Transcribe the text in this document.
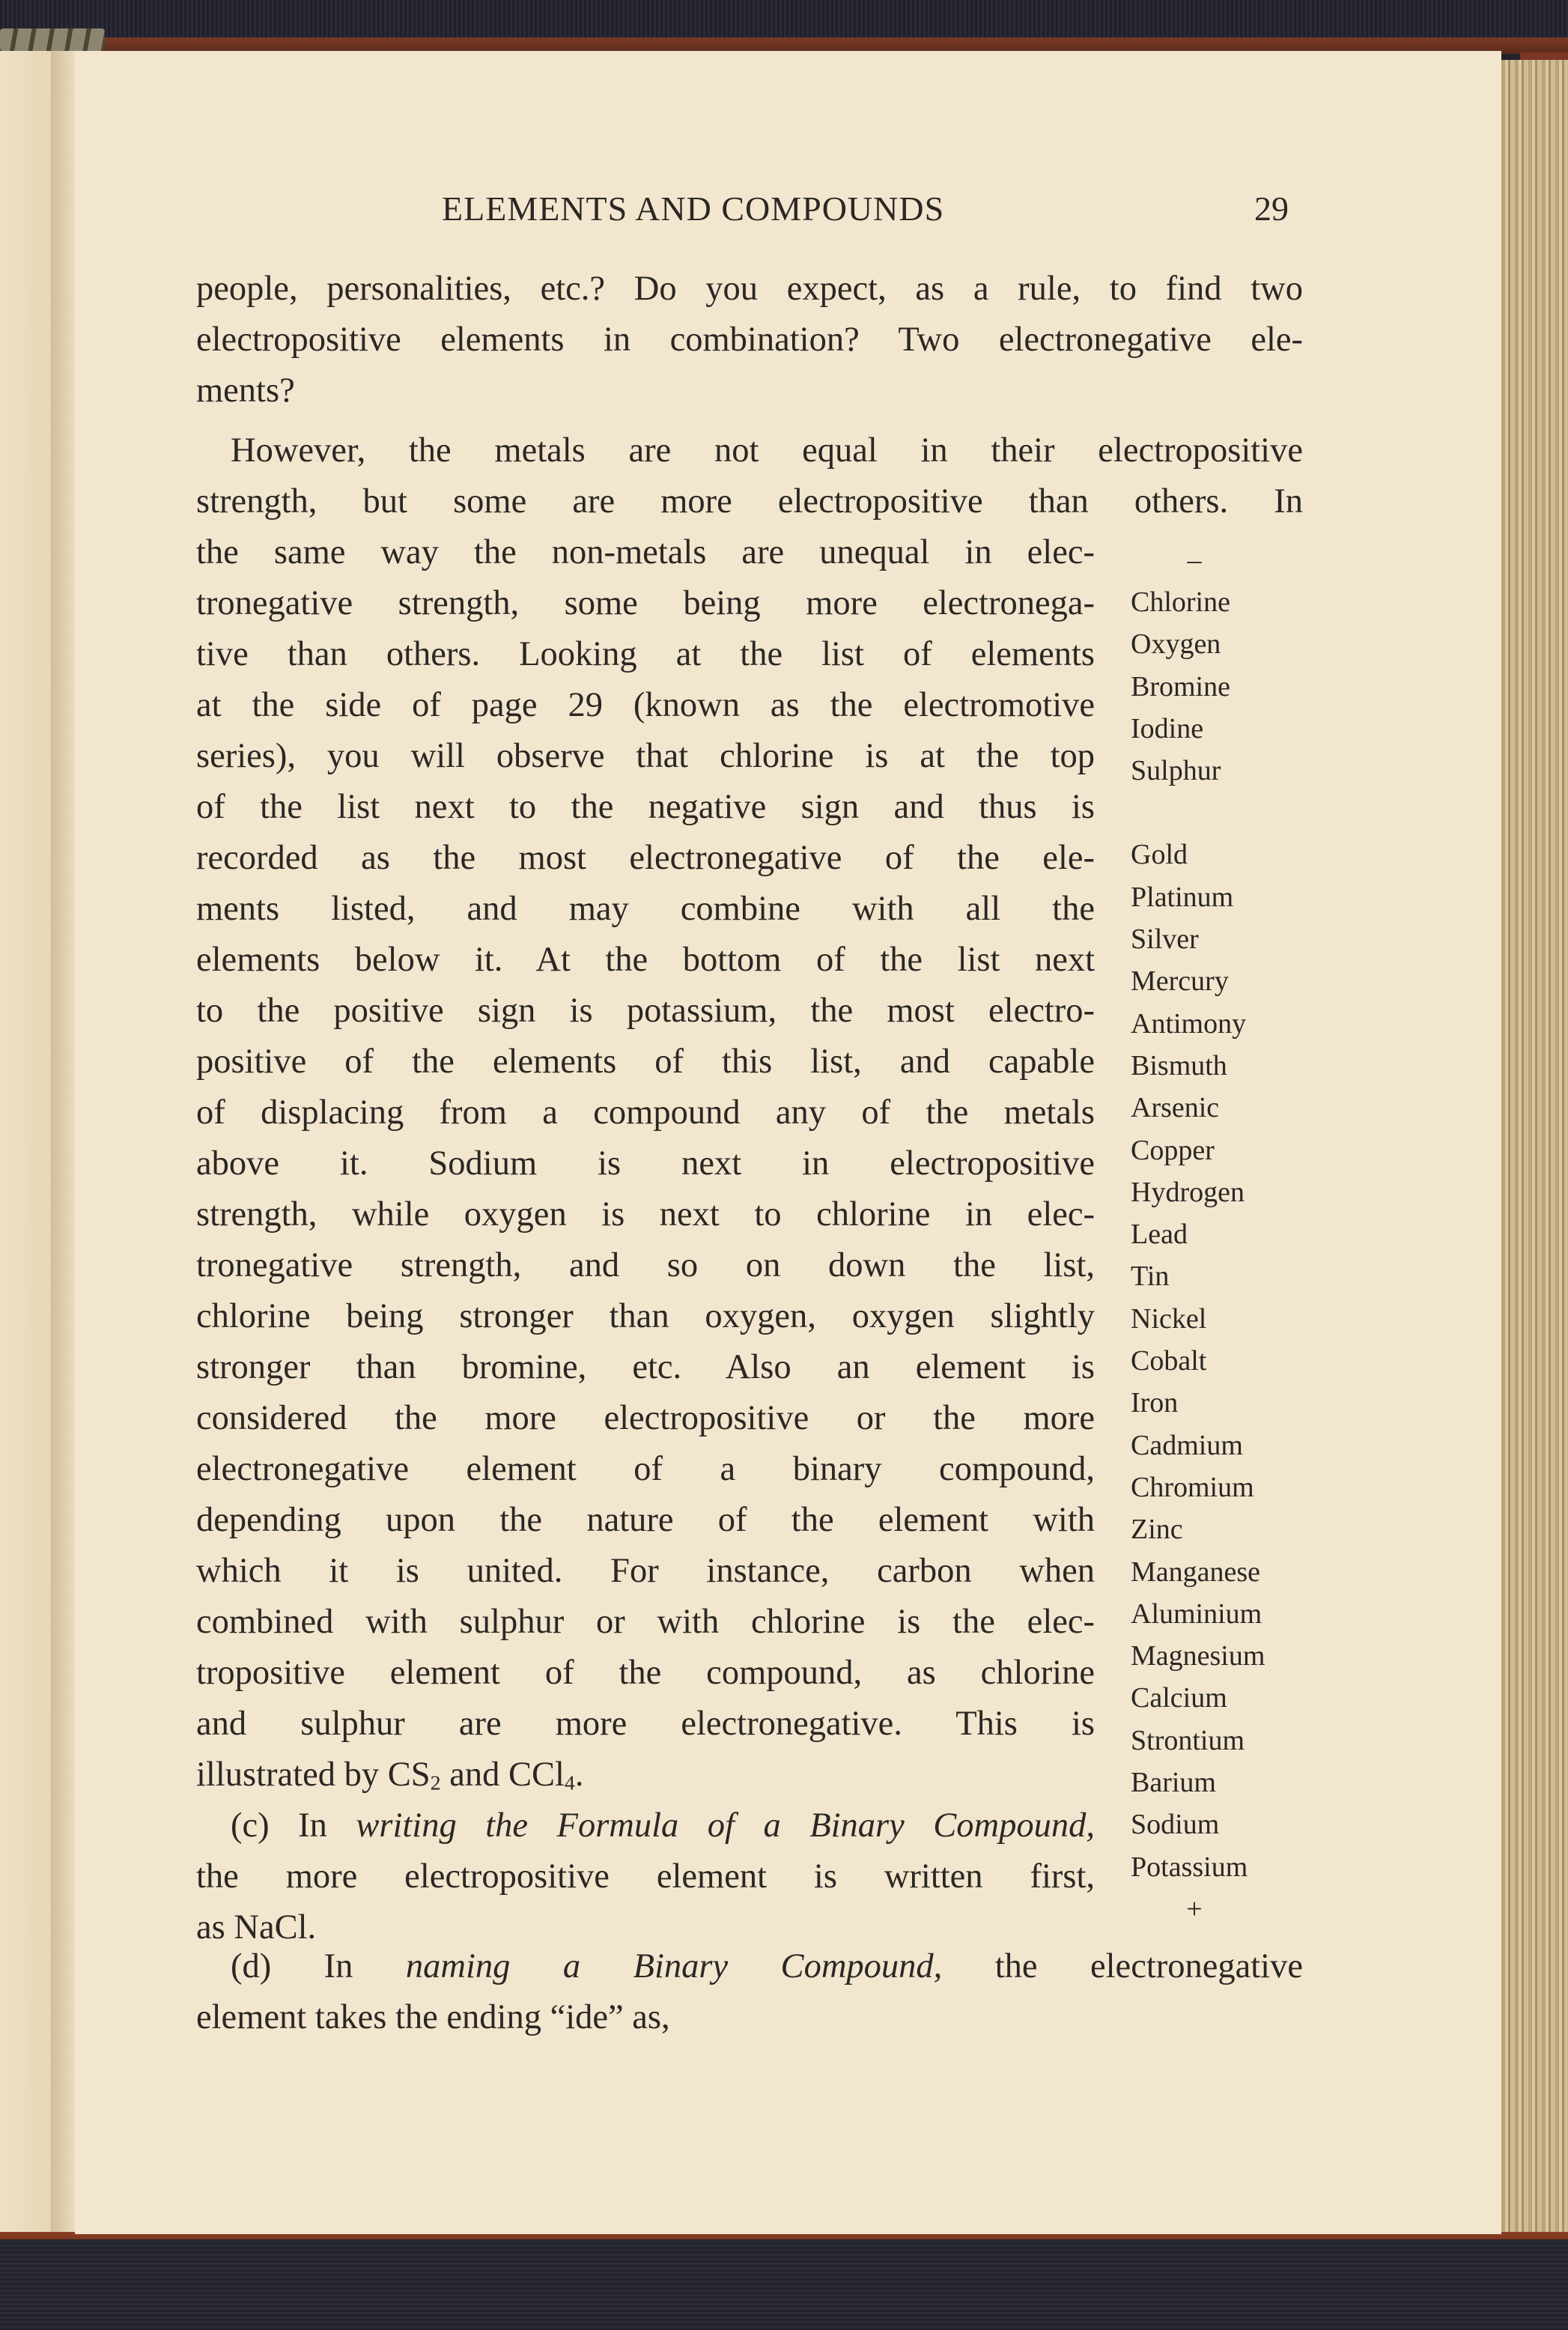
ELEMENTS AND COMPOUNDS	29
people, personalities, etc.? Do you expect, as a rule, to find two
electropositive elements in combination? Two electronegative ele-
ments?
However, the metals are not equal in their electropositive
strength, but some are more electropositive than others. In
the same way the non-metals are unequal in elec-
tronegative strength, some being more electronega-
tive than others. Looking at the list of elements
at the side of page 29 (known as the electromotive
series), you will observe that chlorine is at the top
of the list next to the negative sign and thus is
recorded as the most electronegative of the ele-
ments listed, and may combine with all the
elements below it. At the bottom of the list next
to the positive sign is potassium, the most electro-
positive of the elements of this list, and capable
of displacing from a compound any of the metals
above it. Sodium is next in electropositive
strength, while oxygen is next to chlorine in elec-
tronegative strength, and so on down the list,
chlorine being stronger than oxygen, oxygen slightly
stronger than bromine, etc. Also an element is
considered the more electropositive or the more
electronegative element of a binary compound,
depending upon the nature of the element with
which it is united. For instance, carbon when
combined with sulphur or with chlorine is the elec-
tropositive element of the compound, as chlorine
and sulphur are more electronegative. This is
illustrated by $CS_2$ and CCl$_4$.
(c) In writing the Formula of a Binary Compound,
the more electropositive element is written first,
as NaCl.
(d) In naming a Binary Compound, the electronegative
element takes the ending “ide” as,
–
Chlorine
Oxygen
Bromine
Iodine
Sulphur
Gold
Platinum
Silver
Mercury
Antimony
Bismuth
Arsenic
Copper
Hydrogen
Lead
Tin
Nickel
Cobalt
Iron
Cadmium
Chromium
Zinc
Manganese
Aluminium
Magnesium
Calcium
Strontium
Barium
Sodium
Potassium
+
